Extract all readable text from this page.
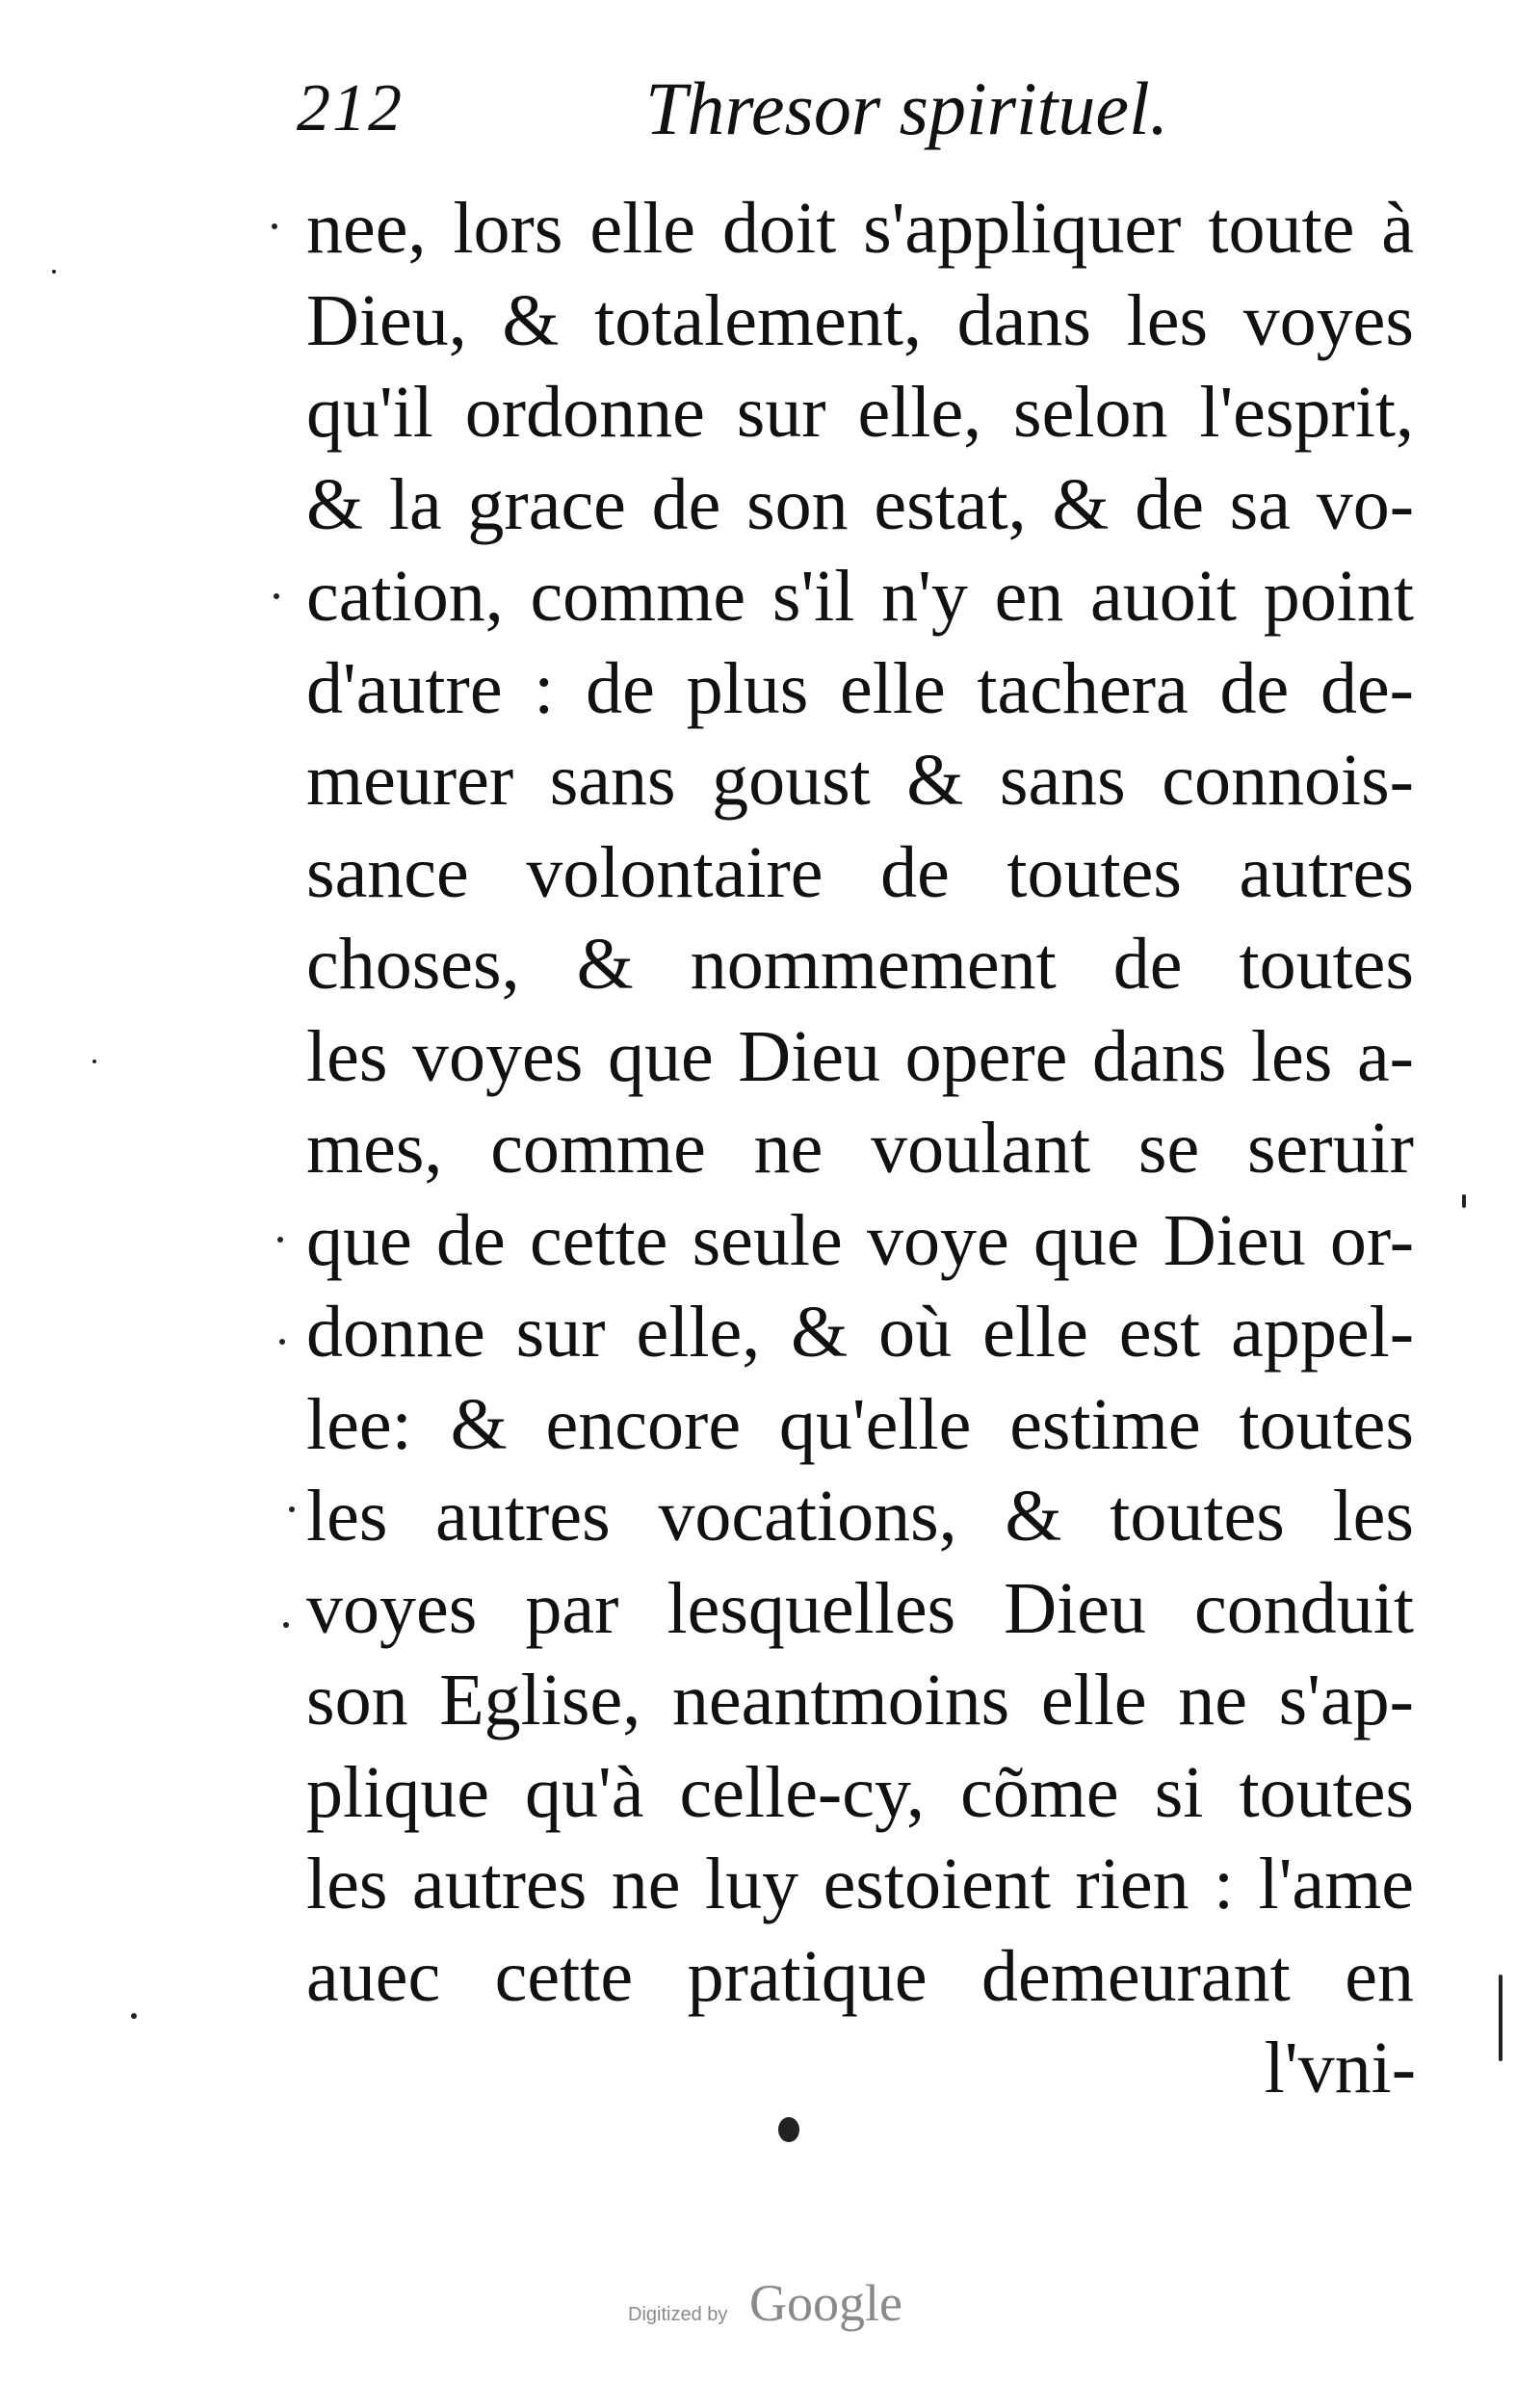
212	Thresor spirituel.
nee, lors elle doit s'appliquer toute à
Dieu, & totalement, dans les voyes
qu'il ordonne sur elle, selon l'esprit,
& la grace de son estat, & de sa vo-
cation, comme s'il n'y en auoit point
d'autre : de plus elle tachera de de-
meurer sans goust & sans connois-
sance volontaire de toutes autres
choses, & nommement de toutes
les voyes que Dieu opere dans les a-
mes, comme ne voulant se seruir
que de cette seule voye que Dieu or-
donne sur elle, & où elle est appel-
lee: & encore qu'elle estime toutes
les autres vocations, & toutes les
voyes par lesquelles Dieu conduit
son Eglise, neantmoins elle ne s'ap-
plique qu'à celle-cy, cõme si toutes
les autres ne luy estoient rien : l'ame
auec cette pratique demeurant en
l'vni-
Digitized by Google
